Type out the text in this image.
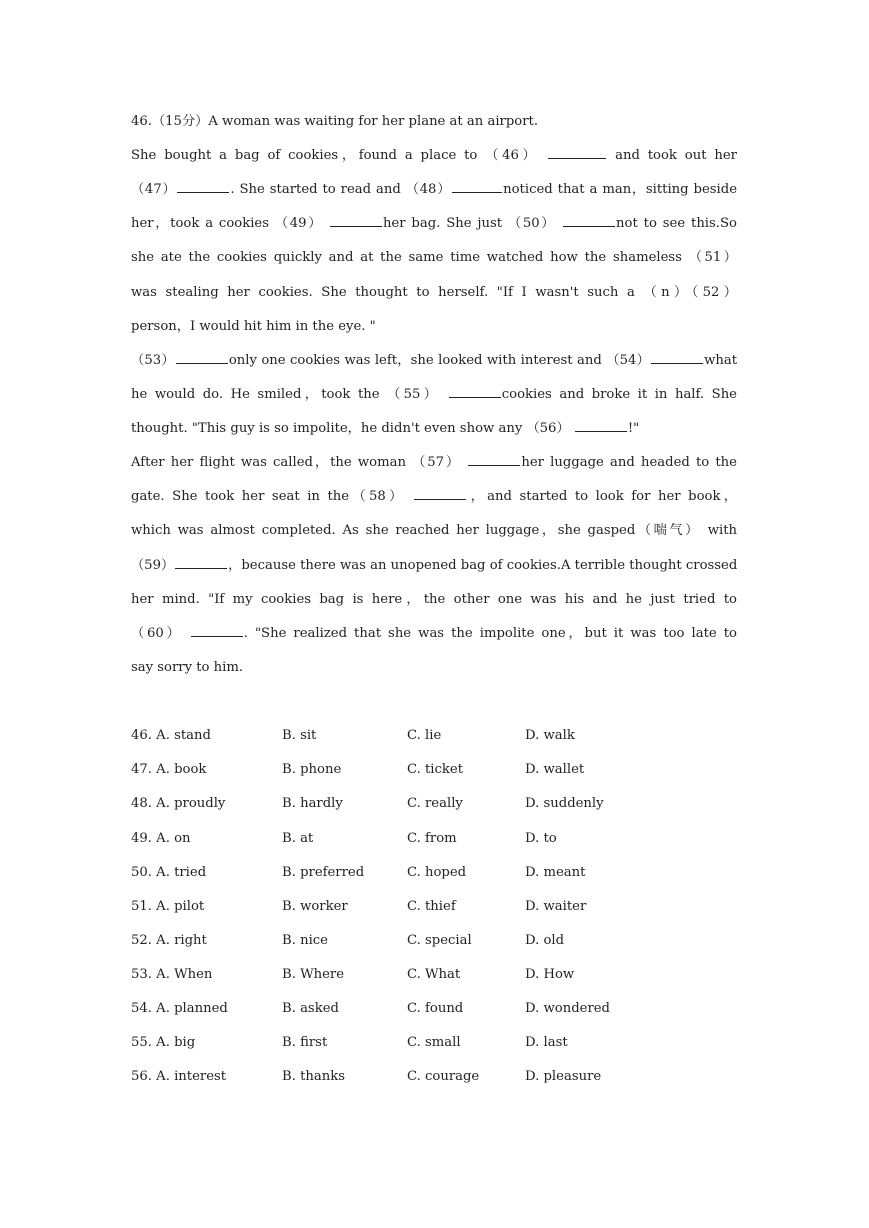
46.（15分）A woman was waiting for her plane at an airport.
She bought a bag of cookies，found a place to （46）	and took out her
（47）	. She started to read and （48）	noticed that a man，sitting beside
her，took a cookies （49）	her bag. She just （50）	not to see this.So
she ate the cookies quickly and at the same time watched how the shameless （51）
was stealing her cookies. She thought to herself. "If I wasn't such a （n）（52）
person，I would hit him in the eye. "
（53）	only one cookies was left，she looked with interest and （54）	what
he would do. He smiled，took the （55）	cookies and broke it in half. She
thought. "This guy is so impolite，he didn't even show any （56）	!"
After her flight was called，the woman （57）	her luggage and headed to the
gate. She took her seat in the（58）	，and started to look for her book，
which was almost completed. As she reached her luggage，she gasped（喘气） with
（59）	，because there was an unopened bag of cookies.A terrible thought crossed
her mind. "If my cookies bag is here，the other one was his and he just tried to
（60）	. "She realized that she was the impolite one，but it was too late to
say sorry to him.
46. A. stand	B. sit	C. lie	D. walk
47. A. book	B. phone	C. ticket	D. wallet
48. A. proudly	B. hardly	C. really	D. suddenly
49. A. on	B. at	C. from	D. to
50. A. tried	B. preferred	C. hoped	D. meant
51. A. pilot	B. worker	C. thief	D. waiter
52. A. right	B. nice	C. special	D. old
53. A. When	B. Where	C. What	D. How
54. A. planned	B. asked	C. found	D. wondered
55. A. big	B. first	C. small	D. last
56. A. interest	B. thanks	C. courage	D. pleasure
